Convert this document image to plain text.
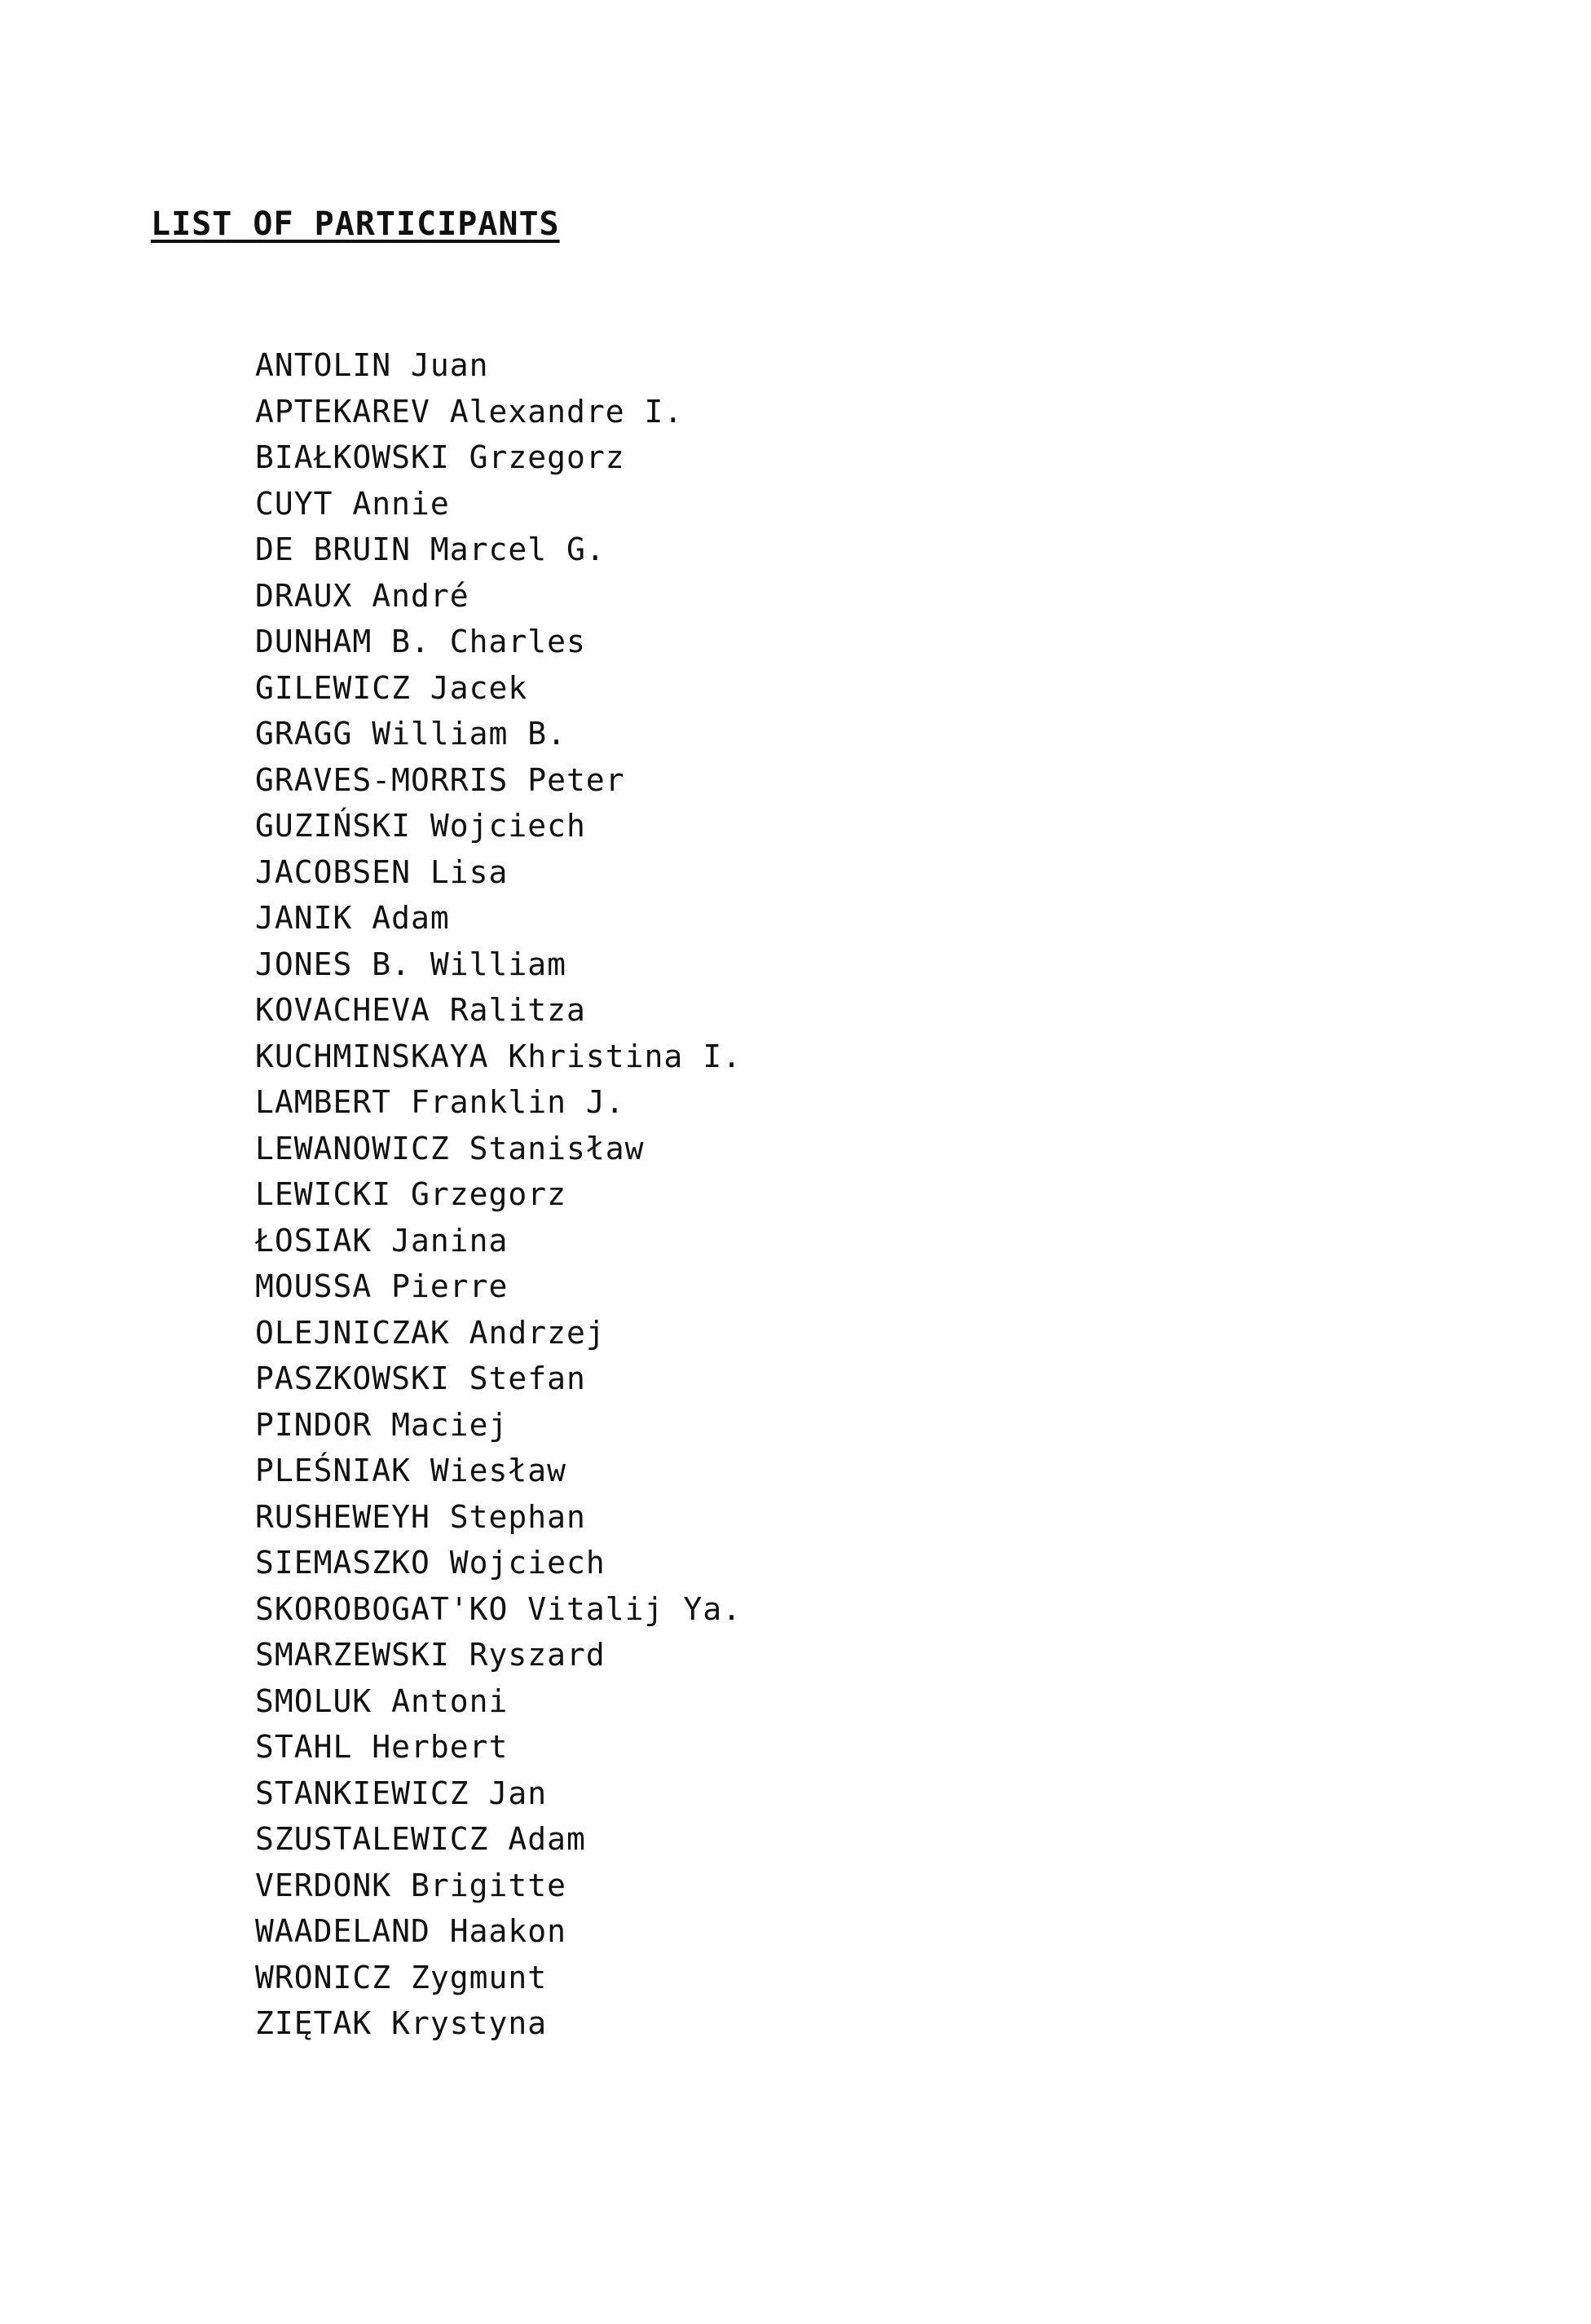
LIST OF PARTICIPANTS
ANTOLIN Juan
APTEKAREV Alexandre I.
BIAŁKOWSKI Grzegorz
CUYT Annie
DE BRUIN Marcel G.
DRAUX André
DUNHAM B. Charles
GILEWICZ Jacek
GRAGG William B.
GRAVES-MORRIS Peter
GUZIŃSKI Wojciech
JACOBSEN Lisa
JANIK Adam
JONES B. William
KOVACHEVA Ralitza
KUCHMINSKAYA Khristina I.
LAMBERT Franklin J.
LEWANOWICZ Stanisław
LEWICKI Grzegorz
ŁOSIAK Janina
MOUSSA Pierre
OLEJNICZAK Andrzej
PASZKOWSKI Stefan
PINDOR Maciej
PLEŚNIAK Wiesław
RUSHEWEYH Stephan
SIEMASZKO Wojciech
SKOROBOGAT'KO Vitalij Ya.
SMARZEWSKI Ryszard
SMOLUK Antoni
STAHL Herbert
STANKIEWICZ Jan
SZUSTALEWICZ Adam
VERDONK Brigitte
WAADELAND Haakon
WRONICZ Zygmunt
ZIĘTAK Krystyna
